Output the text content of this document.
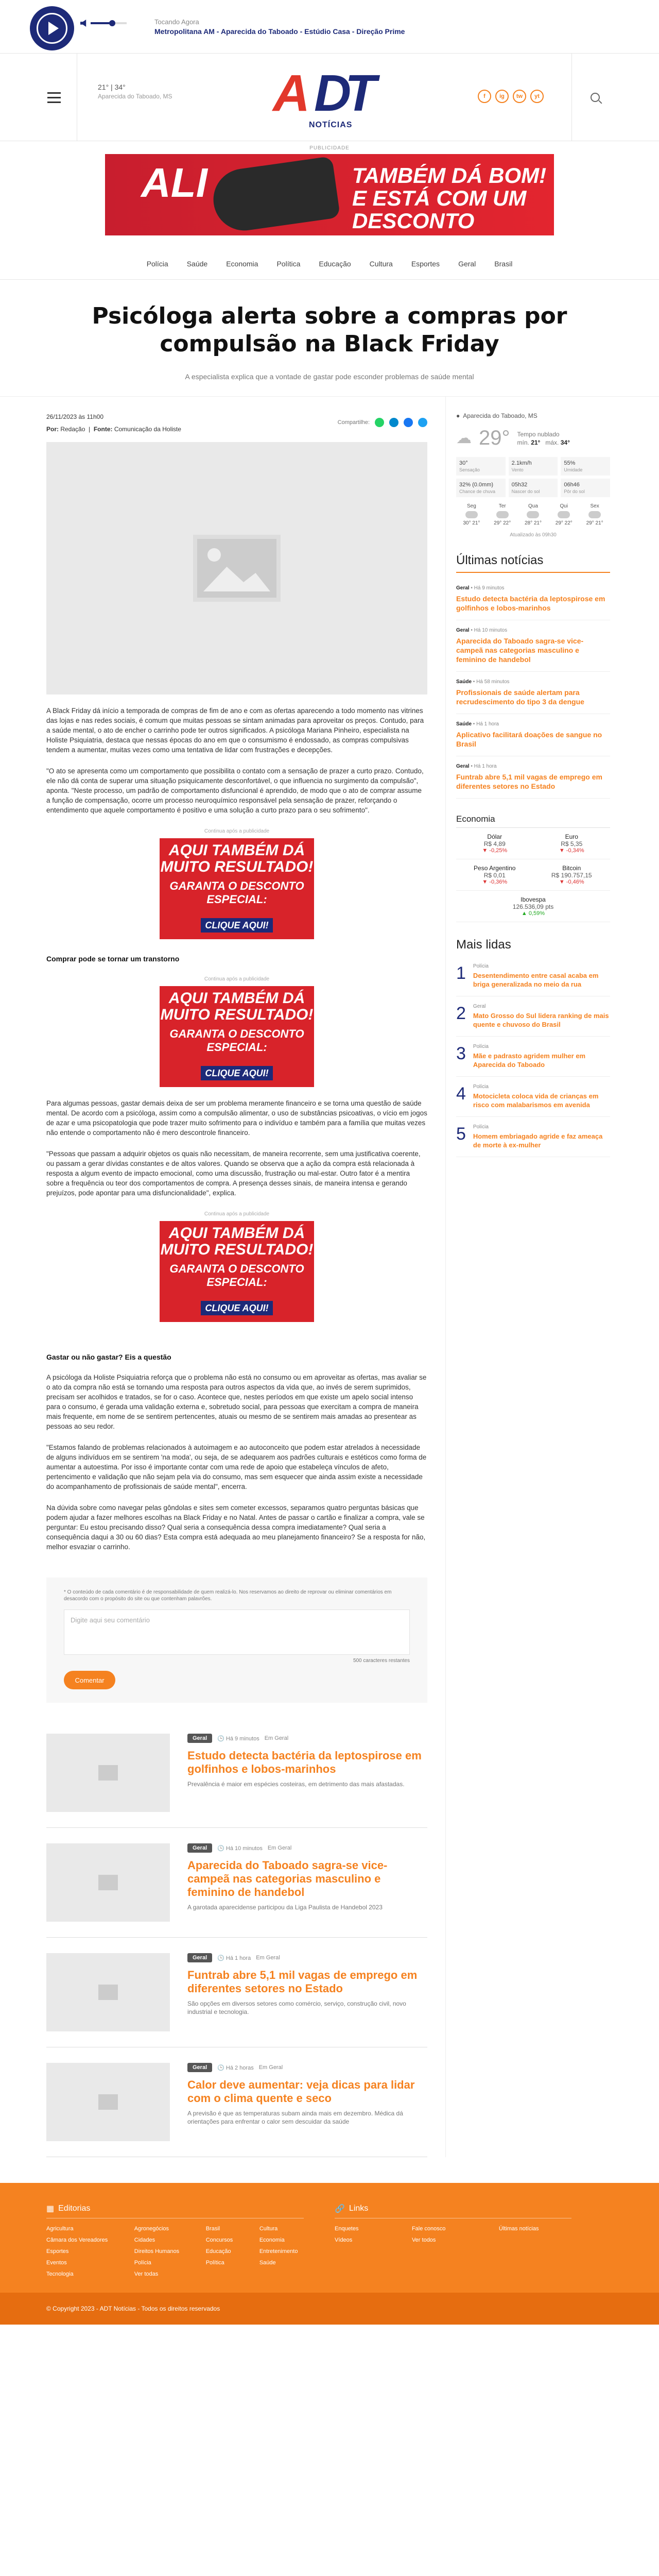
Tocando Agora
Metropolitana AM - Aparecida do Taboado - Estúdio Casa - Direção Prime
21° | 34°
Aparecida do Taboado, MS A D
T
NOTÍCIAS
f	ig	tw	yt
PUBLICIDADE
ALI	TAMBÉM DÁ BOM! E ESTÁ COM UM DESCONTO ESPECIAL!
Polícia	Saúde	Economia	Política	Educação	Cultura	Esportes	Geral	Brasil
Psicóloga alerta sobre a compras por compulsão na Black Friday
A especialista explica que a vontade de gastar pode esconder problemas de saúde mental
26/11/2023 às 11h00
Por: Redação  |  Fonte: Comunicação da Holiste
Compartilhe:

A Black Friday dá início a temporada de compras de fim de ano e com as ofertas aparecendo a todo momento nas vitrines das lojas e nas redes sociais, é comum que muitas pessoas se sintam animadas para aproveitar os preços. Contudo, para a saúde mental, o ato de encher o carrinho pode ter outros significados. A psicóloga Mariana Pinheiro, especialista na Holiste Psiquiatria, destaca que nessas épocas do ano em que o consumismo é endossado, as compras compulsivas tendem a aumentar, muitas vezes como uma tentativa de lidar com frustrações e decepções.

"O ato se apresenta como um comportamento que possibilita o contato com a sensação de prazer a curto prazo. Contudo, ele não dá conta de superar uma situação psiquicamente desconfortável, o que influencia no surgimento da compulsão", aponta. "Neste processo, um padrão de comportamento disfuncional é aprendido, de modo que o ato de comprar assume a função de compensação, ocorre um processo neuroquímico responsável pela sensação de prazer, reforçando o entendimento que aquele comportamento é positivo e uma solução a curto prazo para o seu sofrimento".

Continua após a publicidade
AQUI TAMBÉM DÁ MUITO RESULTADO!
GARANTA O DESCONTO ESPECIAL:
CLIQUE AQUI!
Comprar pode se tornar um transtorno
Continua após a publicidade
AQUI TAMBÉM DÁ MUITO RESULTADO!
GARANTA O DESCONTO ESPECIAL:
CLIQUE AQUI!

Para algumas pessoas, gastar demais deixa de ser um problema meramente financeiro e se torna uma questão de saúde mental. De acordo com a psicóloga, assim como a compulsão alimentar, o uso de substâncias psicoativas, o vício em jogos de azar e uma psicopatologia que pode trazer muito sofrimento para o indivíduo e também para a família que muitas vezes não entende o comportamento não é mero descontrole financeiro.

"Pessoas que passam a adquirir objetos os quais não necessitam, de maneira recorrente, sem uma justificativa coerente, ou passam a gerar dívidas constantes e de altos valores. Quando se observa que a ação da compra está relacionada à resposta a algum evento de impacto emocional, como uma discussão, frustração ou mal-estar. Outro fator é a mentira sobre a frequência ou teor dos comportamentos de compra. A presença desses sinais, de maneira intensa e gerando prejuízos, pode apontar para uma disfuncionalidade", explica.

Continua após a publicidade
AQUI TAMBÉM DÁ MUITO RESULTADO!
GARANTA O DESCONTO ESPECIAL:
CLIQUE AQUI!
Gastar ou não gastar? Eis a questão

A psicóloga da Holiste Psiquiatria reforça que o problema não está no consumo ou em aproveitar as ofertas, mas avaliar se o ato da compra não está se tornando uma resposta para outros aspectos da vida que, ao invés de serem suprimidos, precisam ser acolhidos e tratados, se for o caso. Acontece que, nestes períodos em que existe um apelo social intenso para o consumo, é gerada uma validação externa e, sobretudo social, para pessoas que exercitam a compra de maneira mais frequente, em nome de se sentirem pertencentes, atuais ou mesmo de se sentirem mais amadas ao presentear as pessoas ao seu redor.

"Estamos falando de problemas relacionados à autoimagem e ao autoconceito que podem estar atrelados à necessidade de alguns indivíduos em se sentirem 'na moda', ou seja, de se adequarem aos padrões culturais e estéticos como forma de aumentar a autoestima. Por isso é importante contar com uma rede de apoio que estabeleça vínculos de afeto, pertencimento e validação que não sejam pela via do consumo, mas sem esquecer que ainda assim existe a necessidade do acompanhamento de profissionais de saúde mental", encerra.

Na dúvida sobre como navegar pelas gôndolas e sites sem cometer excessos, separamos quatro perguntas básicas que podem ajudar a fazer melhores escolhas na Black Friday e no Natal. Antes de passar o cartão e finalizar a compra, vale se perguntar: Eu estou precisando disso? Qual seria a consequência dessa compra imediatamente? Qual seria a consequência daqui a 30 ou 60 dias? Esta compra está adequada ao meu planejamento financeiro? Se a resposta for não, melhor esvaziar o carrinho.

* O conteúdo de cada comentário é de responsabilidade de quem realizá-lo. Nos reservamos ao direito de reprovar ou eliminar comentários em desacordo com o propósito do site ou que contenham palavrões.
Digite aqui seu comentário
500 caracteres restantes
Comentar
Geral	🕒 Há 9 minutos Em Geral
Estudo detecta bactéria da leptospirose em golfinhos e lobos-marinhos
Prevalência é maior em espécies costeiras, em detrimento das mais afastadas.
Geral	🕒 Há 10 minutos Em Geral
Aparecida do Taboado sagra-se vice-campeã nas categorias masculino e feminino de handebol
A garotada aparecidense participou da Liga Paulista de Handebol 2023
Geral	🕒 Há 1 hora Em Geral
Funtrab abre 5,1 mil vagas de emprego em diferentes setores no Estado
São opções em diversos setores como comércio, serviço, construção civil, novo industrial e tecnologia.
Geral	🕒 Há 2 horas Em Geral
Calor deve aumentar: veja dicas para lidar com o clima quente e seco
A previsão é que as temperaturas subam ainda mais em dezembro. Médica dá orientações para enfrentar o calor sem descuidar da saúde
● Aparecida do Taboado, MS
☁ 29° Tempo nublado
mín. 21° máx. 34°
30°
Sensação
2.1km/h
Vento
55%
Umidade
32% (0.0mm)
Chance de chuva
05h32
Nascer do sol
06h46
Pôr do sol
Seg
30° 21°
Ter
29° 22°
Qua
28° 21°
Qui
29° 22°
Sex
29° 21°
Atualizado às 09h30
Últimas notícias
Geral • Há 9 minutos
Estudo detecta bactéria da leptospirose em golfinhos e lobos-marinhos
Geral • Há 10 minutos
Aparecida do Taboado sagra-se vice-campeã nas categorias masculino e feminino de handebol
Saúde • Há 58 minutos
Profissionais de saúde alertam para recrudescimento do tipo 3 da dengue
Saúde • Há 1 hora
Aplicativo facilitará doações de sangue no Brasil
Geral • Há 1 hora
Funtrab abre 5,1 mil vagas de emprego em diferentes setores no Estado
Economia
Dólar
R$ 4,89
▼ -0,25%
Euro
R$ 5,35
▼ -0,34%
Peso Argentino
R$ 0,01
▼ -0,36%
Bitcoin
R$ 190.757,15
▼ -0,46%
Ibovespa
126.536,09 pts
▲ 0,59%
Mais lidas
1 Polícia
Desentendimento entre casal acaba em briga generalizada no meio da rua
2 Geral
Mato Grosso do Sul lidera ranking de mais quente e chuvoso do Brasil
3 Polícia
Mãe e padrasto agridem mulher em Aparecida do Taboado
4 Polícia
Motocicleta coloca vida de crianças em risco com malabarismos em avenida
5 Polícia
Homem embriagado agride e faz ameaça de morte à ex-mulher
▦ Editorias
Agricultura	Agronegócios	Brasil	Cultura
Câmara dos Vereadores	Cidades	Concursos	Economia
Esportes	Direitos Humanos	Educação	Entretenimento
Eventos	Polícia	Política	Saúde
Tecnologia	Ver todas
🔗 Links
Enquetes	Fale conosco	Últimas notícias
Vídeos	Ver todos
© Copyright 2023 - ADT Notícias - Todos os direitos reservados
